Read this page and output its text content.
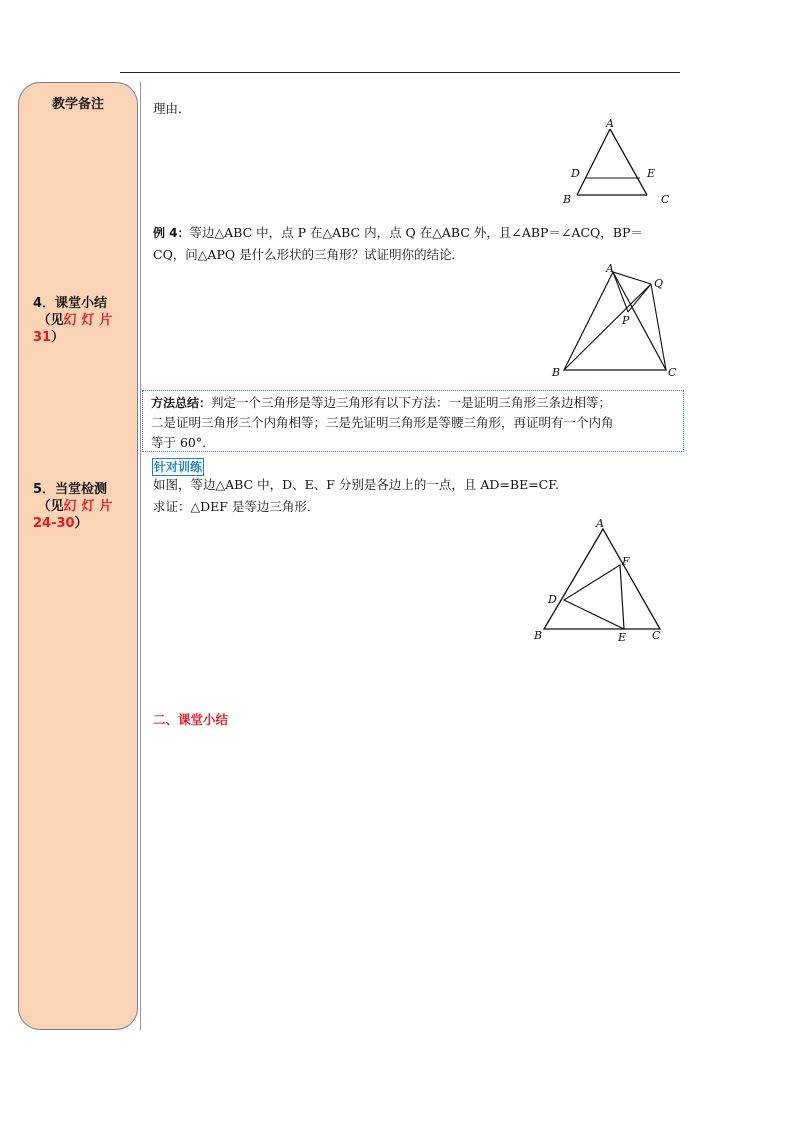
教学备注
4．课堂小结
（见幻灯片
31）
5．当堂检测
（见幻灯片
24-30）
理由．
A
B	C
D	E
例 4：等边△ABC 中，点 P 在△ABC 内，点 Q 在△ABC 外，且∠ABP＝∠ACQ，BP＝
CQ，问△APQ 是什么形状的三角形？试证明你的结论．
A
B	C
P
Q
方法总结：判定一个三角形是等边三角形有以下方法：一是证明三角形三条边相等；
二是证明三角形三个内角相等；三是先证明三角形是等腰三角形，再证明有一个内角
等于 60°．
针对训练
如图，等边△ABC 中，D、E、F 分别是各边上的一点，且 AD=BE=CF.
求证：△DEF 是等边三角形．
A
B	C
D
E
F
二、课堂小结
